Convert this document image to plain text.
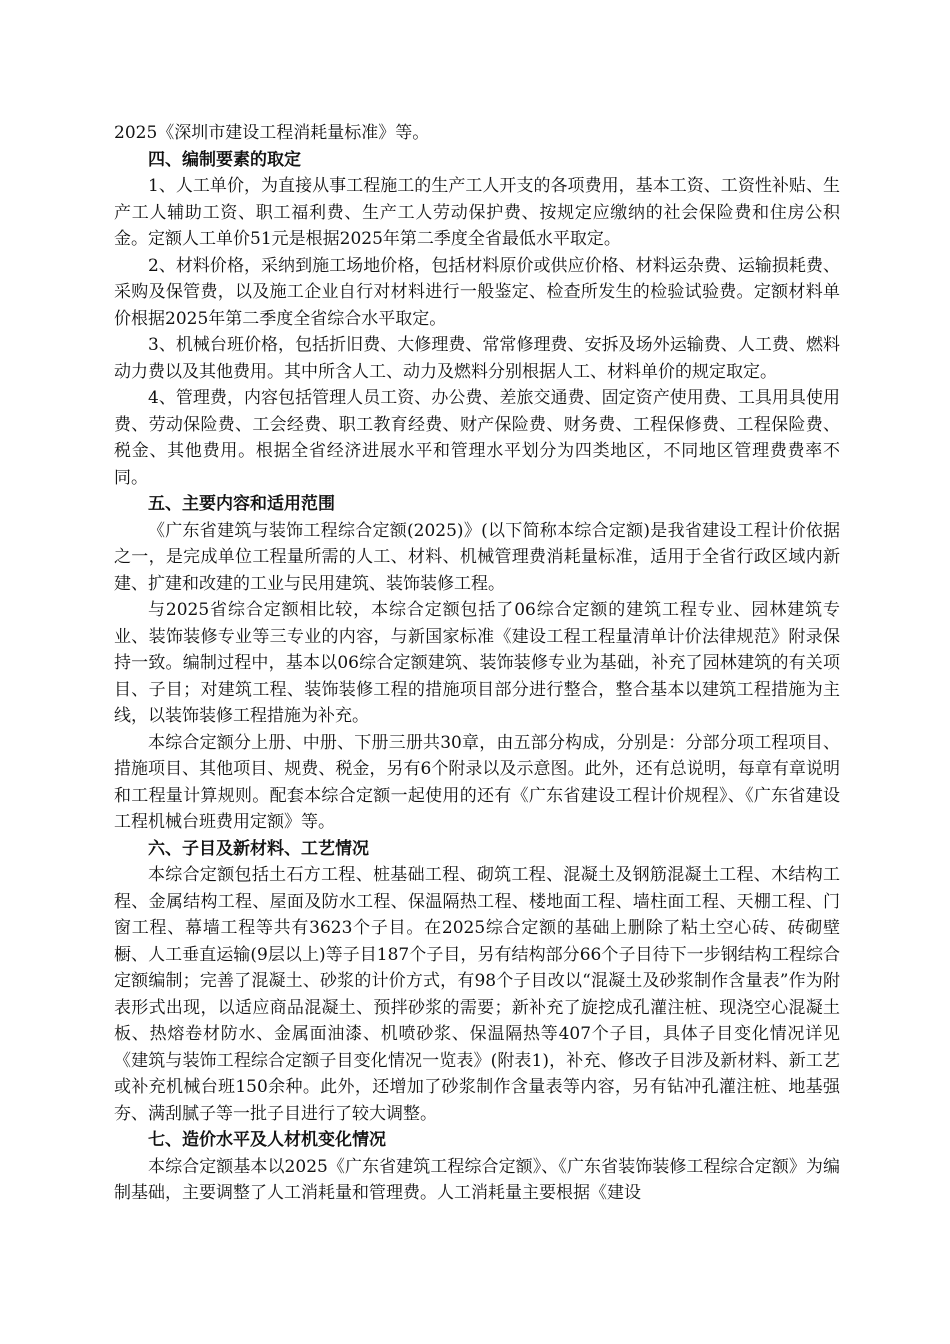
2025《深圳市建设工程消耗量标准》等。

四、编制要素的取定

1、人工单价，为直接从事工程施工的生产工人开支的各项费用，基本工资、工资性补贴、生产工人辅助工资、职工福利费、生产工人劳动保护费、按规定应缴纳的社会保险费和住房公积金。定额人工单价51元是根据2025年第二季度全省最低水平取定。

2、材料价格，采纳到施工场地价格，包括材料原价或供应价格、材料运杂费、运输损耗费、采购及保管费，以及施工企业自行对材料进行一般鉴定、检查所发生的检验试验费。定额材料单价根据2025年第二季度全省综合水平取定。

3、机械台班价格，包括折旧费、大修理费、常常修理费、安拆及场外运输费、人工费、燃料动力费以及其他费用。其中所含人工、动力及燃料分别根据人工、材料单价的规定取定。

4、管理费，内容包括管理人员工资、办公费、差旅交通费、固定资产使用费、工具用具使用费、劳动保险费、工会经费、职工教育经费、财产保险费、财务费、工程保修费、工程保险费、税金、其他费用。根据全省经济进展水平和管理水平划分为四类地区，不同地区管理费费率不同。

五、主要内容和适用范围

《广东省建筑与装饰工程综合定额(2025)》(以下简称本综合定额)是我省建设工程计价依据之一，是完成单位工程量所需的人工、材料、机械管理费消耗量标准，适用于全省行政区域内新建、扩建和改建的工业与民用建筑、装饰装修工程。

与2025省综合定额相比较，本综合定额包括了06综合定额的建筑工程专业、园林建筑专业、装饰装修专业等三专业的内容，与新国家标准《建设工程工程量清单计价法律规范》附录保持一致。编制过程中，基本以06综合定额建筑、装饰装修专业为基础，补充了园林建筑的有关项目、子目；对建筑工程、装饰装修工程的措施项目部分进行整合，整合基本以建筑工程措施为主线，以装饰装修工程措施为补充。

本综合定额分上册、中册、下册三册共30章，由五部分构成，分别是：分部分项工程项目、措施项目、其他项目、规费、税金，另有6个附录以及示意图。此外，还有总说明，每章有章说明和工程量计算规则。配套本综合定额一起使用的还有《广东省建设工程计价规程》、《广东省建设工程机械台班费用定额》等。

六、子目及新材料、工艺情况

本综合定额包括土石方工程、桩基础工程、砌筑工程、混凝土及钢筋混凝土工程、木结构工程、金属结构工程、屋面及防水工程、保温隔热工程、楼地面工程、墙柱面工程、天棚工程、门窗工程、幕墙工程等共有3623个子目。在2025综合定额的基础上删除了粘土空心砖、砖砌壁橱、人工垂直运输(9层以上)等子目187个子目，另有结构部分66个子目待下一步钢结构工程综合定额编制；完善了混凝土、砂浆的计价方式，有98个子目改以“混凝土及砂浆制作含量表”作为附表形式出现，以适应商品混凝土、预拌砂浆的需要；新补充了旋挖成孔灌注桩、现浇空心混凝土板、热熔卷材防水、金属面油漆、机喷砂浆、保温隔热等407个子目，具体子目变化情况详见《建筑与装饰工程综合定额子目变化情况一览表》(附表1)，补充、修改子目涉及新材料、新工艺或补充机械台班150余种。此外，还增加了砂浆制作含量表等内容，另有钻冲孔灌注桩、地基强夯、满刮腻子等一批子目进行了较大调整。

七、造价水平及人材机变化情况

本综合定额基本以2025《广东省建筑工程综合定额》、《广东省装饰装修工程综合定额》为编制基础，主要调整了人工消耗量和管理费。人工消耗量主要根据《建设
